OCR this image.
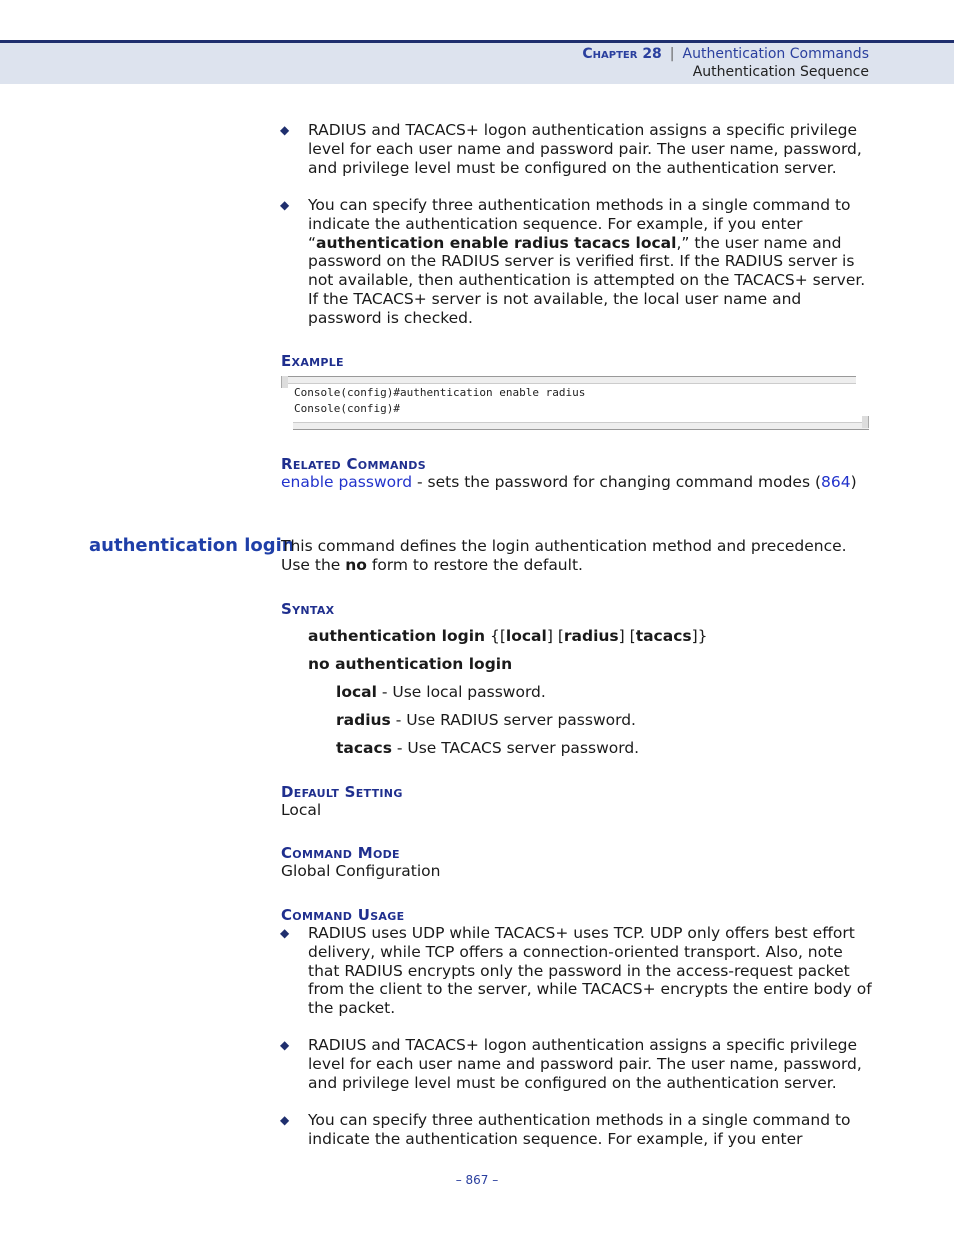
Chapter 28 | Authentication Commands
Authentication Sequence
◆ RADIUS and TACACS+ logon authentication assigns a specific privilege level for each user name and password pair. The user name, password, and privilege level must be configured on the authentication server.
◆ You can specify three authentication methods in a single command to indicate the authentication sequence. For example, if you enter “authentication enable radius tacacs local,” the user name and password on the RADIUS server is verified first. If the RADIUS server is not available, then authentication is attempted on the TACACS+ server. If the TACACS+ server is not available, the local user name and password is checked.
Example
Console(config)#authentication enable radius
Console(config)#
Related Commands
enable password - sets the password for changing command modes (864)
authentication login
This command defines the login authentication method and precedence.
Use the no form to restore the default.
Syntax
authentication login {[local] [radius] [tacacs]}
no authentication login
local - Use local password.
radius - Use RADIUS server password.
tacacs - Use TACACS server password.
Default Setting
Local
Command Mode
Global Configuration
Command Usage
◆ RADIUS uses UDP while TACACS+ uses TCP. UDP only offers best effort delivery, while TCP offers a connection-oriented transport. Also, note that RADIUS encrypts only the password in the access-request packet from the client to the server, while TACACS+ encrypts the entire body of the packet.
◆ RADIUS and TACACS+ logon authentication assigns a specific privilege level for each user name and password pair. The user name, password, and privilege level must be configured on the authentication server.
◆ You can specify three authentication methods in a single command to indicate the authentication sequence. For example, if you enter
– 867 –
